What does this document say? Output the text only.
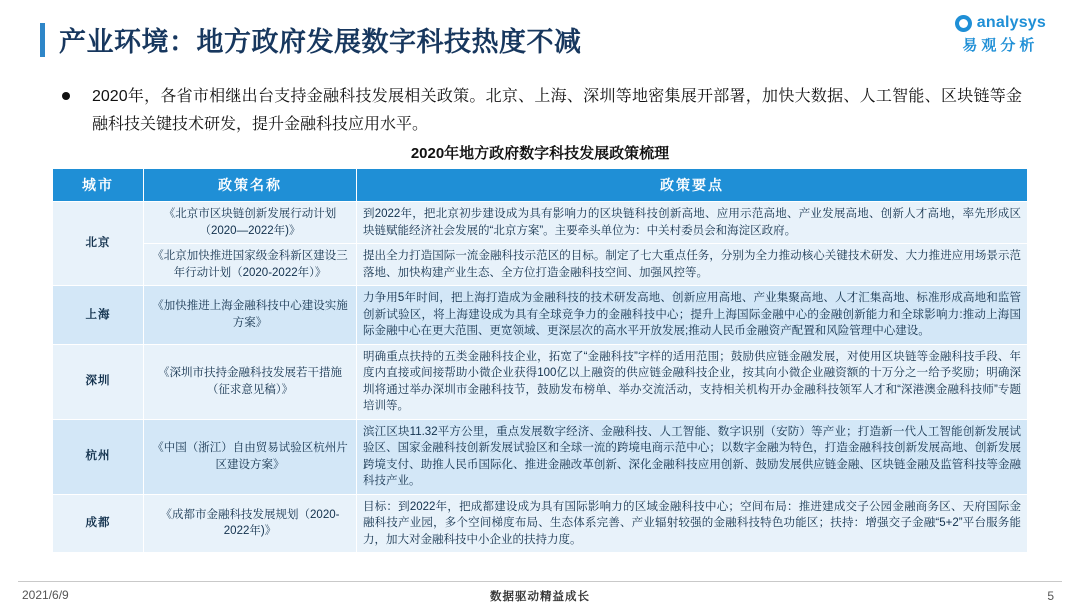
产业环境：地方政府发展数字科技热度不减
analysys
易观分析
2020年，各省市相继出台支持金融科技发展相关政策。北京、上海、深圳等地密集展开部署，加快大数据、人工智能、区块链等金融科技关键技术研发，提升金融科技应用水平。
2020年地方政府数字科技发展政策梳理
城市	政策名称	政策要点
北京	《北京市区块链创新发展行动计划（2020—2022年)》	到2022年，把北京初步建设成为具有影响力的区块链科技创新高地、应用示范高地、产业发展高地、创新人才高地，率先形成区块链赋能经济社会发展的“北京方案”。主要牵头单位为：中关村委员会和海淀区政府。
	《北京加快推进国家级金科新区建设三年行动计划（2020-2022年）》	提出全力打造国际一流金融科技示范区的目标。制定了七大重点任务，分别为全力推动核心关键技术研发、大力推进应用场景示范落地、加快构建产业生态、全方位打造金融科技空间、加强风控等。
上海	《加快推进上海金融科技中心建设实施方案》	力争用5年时间，把上海打造成为金融科技的技术研发高地、创新应用高地、产业集聚高地、人才汇集高地、标准形成高地和监管创新试验区，将上海建设成为具有全球竞争力的金融科技中心；提升上海国际金融中心的金融创新能力和全球影响力:推动上海国际金融中心在更大范围、更宽领域、更深层次的高水平开放发展;推动人民币金融资产配置和风险管理中心建设。
深圳	《深圳市扶持金融科技发展若干措施（征求意见稿）》	明确重点扶持的五类金融科技企业，拓宽了“金融科技”字样的适用范围；鼓励供应链金融发展，对使用区块链等金融科技手段、年度内直接或间接帮助小微企业获得100亿以上融资的供应链金融科技企业，按其向小微企业融资额的十万分之一给予奖励；明确深圳将通过举办深圳市金融科技节，鼓励发布榜单、举办交流活动，支持相关机构开办金融科技领军人才和“深港澳金融科技师”专题培训等。
杭州	《中国（浙江）自由贸易试验区杭州片区建设方案》	滨江区块11.32平方公里，重点发展数字经济、金融科技、人工智能、数字识别（安防）等产业；打造新一代人工智能创新发展试验区、国家金融科技创新发展试验区和全球一流的跨境电商示范中心；以数字金融为特色，打造金融科技创新发展高地、创新发展跨境支付、助推人民币国际化、推进金融改革创新、深化金融科技应用创新、鼓励发展供应链金融、区块链金融及监管科技等金融科技产业。
成都	《成都市金融科技发展规划（2020-2022年)》	目标：到2022年，把成都建设成为具有国际影响力的区域金融科技中心；空间布局：推进建成交子公园金融商务区、天府国际金融科技产业园，多个空间梯度布局、生态体系完善、产业辐射较强的金融科技特色功能区；扶持：增强交子金融“5+2”平台服务能力，加大对金融科技中小企业的扶持力度。
2021/6/9	数据驱动精益成长	5
